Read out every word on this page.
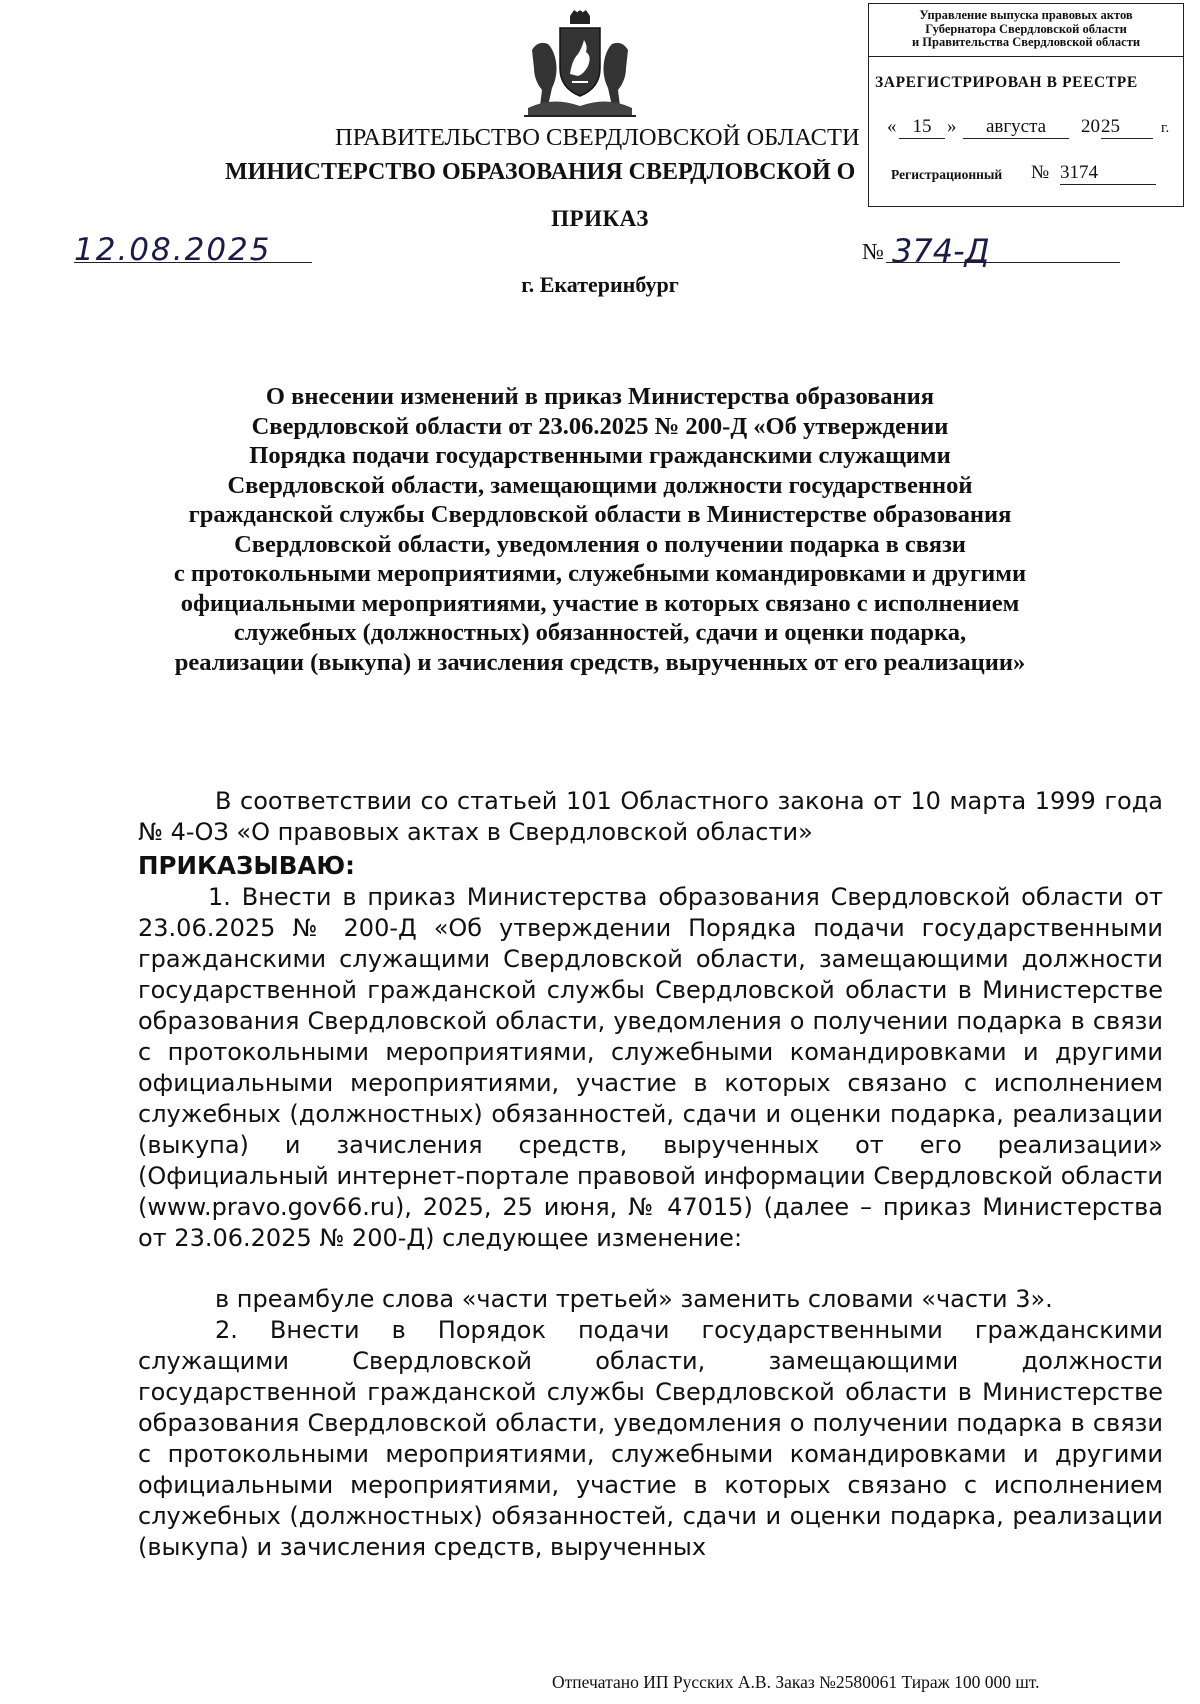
Управление выпуска правовых актов
Губернатора Свердловской области
и Правительства Свердловской области
ЗАРЕГИСТРИРОВАН В РЕЕСТРЕ
« 15 »	августа	20 25	г.
Регистрационный № 3174
ПРАВИТЕЛЬСТВО СВЕРДЛОВСКОЙ ОБЛАСТИ
МИНИСТЕРСТВО ОБРАЗОВАНИЯ СВЕРДЛОВСКОЙ О
ПРИКАЗ
12.08.2025	№ 374-Д
г. Екатеринбург
О внесении изменений в приказ Министерства образования
Свердловской области от 23.06.2025 № 200-Д «Об утверждении
Порядка подачи государственными гражданскими служащими
Свердловской области, замещающими должности государственной
гражданской службы Свердловской области в Министерстве образования
Свердловской области, уведомления о получении подарка в связи
с протокольными мероприятиями, служебными командировками и другими
официальными мероприятиями, участие в которых связано с исполнением
служебных (должностных) обязанностей, сдачи и оценки подарка,
реализации (выкупа) и зачисления средств, вырученных от его реализации»
В соответствии со статьей 101 Областного закона от 10 марта 1999 года № 4-ОЗ «О правовых актах в Свердловской области»
ПРИКАЗЫВАЮ:
1. Внести в приказ Министерства образования Свердловской области от 23.06.2025 № 200-Д «Об утверждении Порядка подачи государственными гражданскими служащими Свердловской области, замещающими должности государственной гражданской службы Свердловской области в Министерстве образования Свердловской области, уведомления о получении подарка в связи с протокольными мероприятиями, служебными командировками и другими официальными мероприятиями, участие в которых связано с исполнением служебных (должностных) обязанностей, сдачи и оценки подарка, реализации (выкупа) и зачисления средств, вырученных от его реализации» (Официальный интернет-портале правовой информации Свердловской области (www.pravo.gov66.ru), 2025, 25 июня, № 47015) (далее – приказ Министерства от 23.06.2025 № 200-Д) следующее изменение:
в преамбуле слова «части третьей» заменить словами «части 3».
2. Внести в Порядок подачи государственными гражданскими служащими Свердловской области, замещающими должности государственной гражданской службы Свердловской области в Министерстве образования Свердловской области, уведомления о получении подарка в связи с протокольными мероприятиями, служебными командировками и другими официальными мероприятиями, участие в которых связано с исполнением служебных (должностных) обязанностей, сдачи и оценки подарка, реализации (выкупа) и зачисления средств, вырученных
Отпечатано ИП Русских А.В. Заказ №2580061 Тираж 100 000 шт.
